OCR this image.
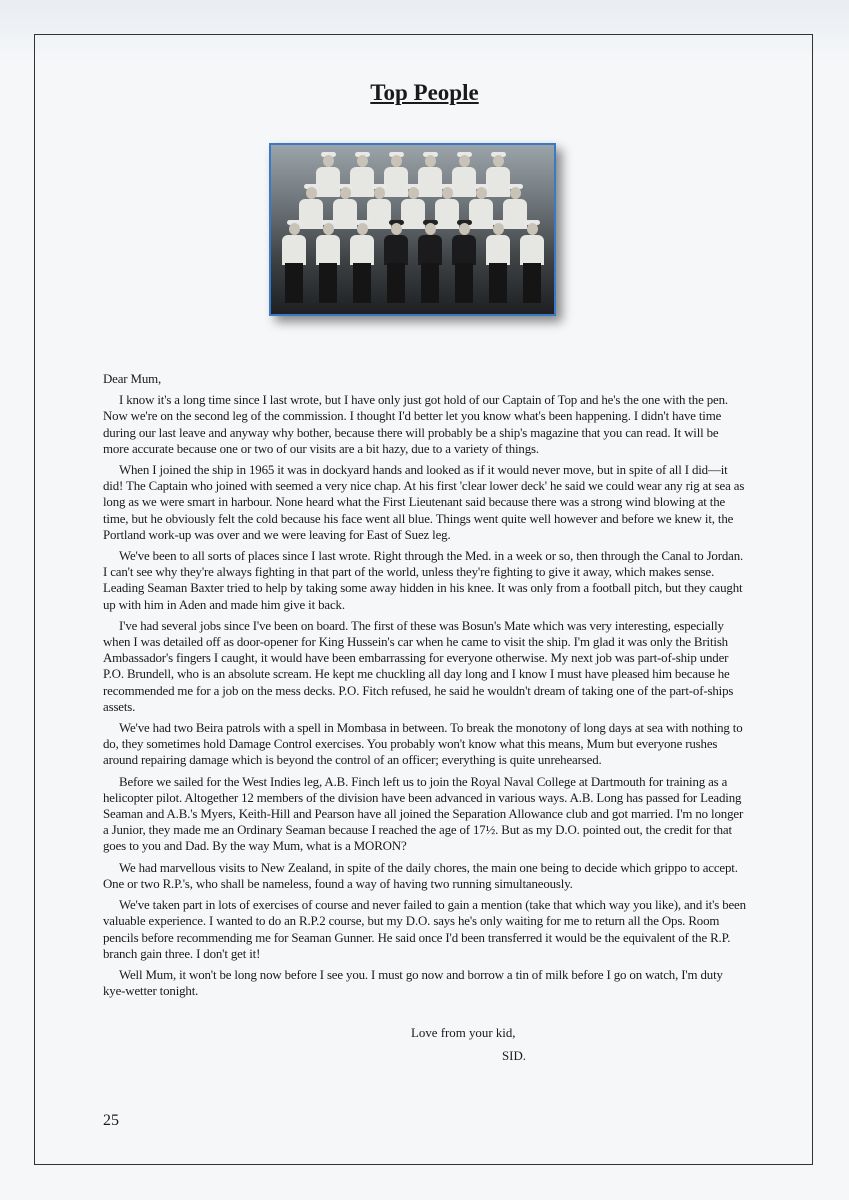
Top People

Dear Mum,

I know it's a long time since I last wrote, but I have only just got hold of our Captain of Top and he's the one with the pen. Now we're on the second leg of the commission. I thought I'd better let you know what's been happening. I didn't have time during our last leave and anyway why bother, because there will probably be a ship's magazine that you can read. It will be more accurate because one or two of our visits are a bit hazy, due to a variety of things.

When I joined the ship in 1965 it was in dockyard hands and looked as if it would never move, but in spite of all I did—it did! The Captain who joined with seemed a very nice chap. At his first 'clear lower deck' he said we could wear any rig at sea as long as we were smart in harbour. None heard what the First Lieutenant said because there was a strong wind blowing at the time, but he obviously felt the cold because his face went all blue. Things went quite well however and before we knew it, the Portland work-up was over and we were leaving for East of Suez leg.

We've been to all sorts of places since I last wrote. Right through the Med. in a week or so, then through the Canal to Jordan. I can't see why they're always fighting in that part of the world, unless they're fighting to give it away, which makes sense. Leading Seaman Baxter tried to help by taking some away hidden in his knee. It was only from a football pitch, but they caught up with him in Aden and made him give it back.

I've had several jobs since I've been on board. The first of these was Bosun's Mate which was very interesting, especially when I was detailed off as door-opener for King Hussein's car when he came to visit the ship. I'm glad it was only the British Ambassador's fingers I caught, it would have been embarrassing for everyone otherwise. My next job was part-of-ship under P.O. Brundell, who is an absolute scream. He kept me chuckling all day long and I know I must have pleased him because he recommended me for a job on the mess decks. P.O. Fitch refused, he said he wouldn't dream of taking one of the part-of-ships assets.

We've had two Beira patrols with a spell in Mombasa in between. To break the monotony of long days at sea with nothing to do, they sometimes hold Damage Control exercises. You probably won't know what this means, Mum but everyone rushes around repairing damage which is beyond the control of an officer; everything is quite unrehearsed.

Before we sailed for the West Indies leg, A.B. Finch left us to join the Royal Naval College at Dartmouth for training as a helicopter pilot. Altogether 12 members of the division have been advanced in various ways. A.B. Long has passed for Leading Seaman and A.B.'s Myers, Keith-Hill and Pearson have all joined the Separation Allowance club and got married. I'm no longer a Junior, they made me an Ordinary Seaman because I reached the age of 17½. But as my D.O. pointed out, the credit for that goes to you and Dad. By the way Mum, what is a MORON?

We had marvellous visits to New Zealand, in spite of the daily chores, the main one being to decide which grippo to accept. One or two R.P.'s, who shall be nameless, found a way of having two running simultaneously.

We've taken part in lots of exercises of course and never failed to gain a mention (take that which way you like), and it's been valuable experience. I wanted to do an R.P.2 course, but my D.O. says he's only waiting for me to return all the Ops. Room pencils before recommending me for Seaman Gunner. He said once I'd been transferred it would be the equivalent of the R.P. branch gain three. I don't get it!

Well Mum, it won't be long now before I see you. I must go now and borrow a tin of milk before I go on watch, I'm duty kye-wetter tonight.

Love from your kid,
SID.
25
